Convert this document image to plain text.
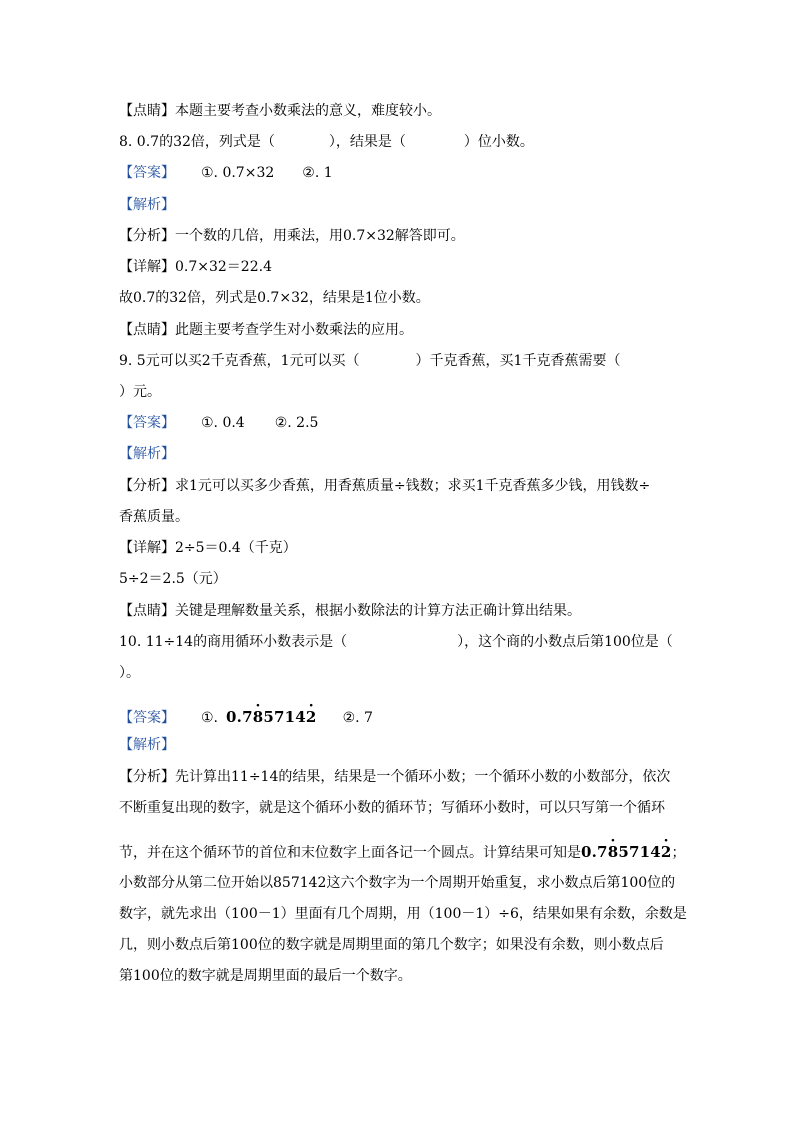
【点睛】本题主要考查小数乘法的意义，难度较小。
8. 0.7的32倍，列式是（	），结果是（	）位小数。
【答案】 ①. 0.7×32 ②. 1
【解析】
【分析】一个数的几倍，用乘法，用0.7×32解答即可。
【详解】0.7×32＝22.4
故0.7的32倍，列式是0.7×32，结果是1位小数。
【点睛】此题主要考查学生对小数乘法的应用。
9. 5元可以买2千克香蕉，1元可以买（	）千克香蕉，买1千克香蕉需要（
）元。
【答案】 ①. 0.4 ②. 2.5
【解析】
【分析】求1元可以买多少香蕉，用香蕉质量÷钱数；求买1千克香蕉多少钱，用钱数÷
香蕉质量。
【详解】2÷5＝0.4（千克）
5÷2＝2.5（元）
【点睛】关键是理解数量关系，根据小数除法的计算方法正确计算出结果。
10. 11÷14的商用循环小数表示是（	），这个商的小数点后第100位是（
）。
【答案】 ①. 0.7· 85714· 2 ②. 7
【解析】
【分析】先计算出11÷14的结果，结果是一个循环小数；一个循环小数的小数部分，依次
不断重复出现的数字，就是这个循环小数的循环节；写循环小数时，可以只写第一个循环
节，并在这个循环节的首位和末位数字上面各记一个圆点。计算结果可知是0.7· 85714· 2；
小数部分从第二位开始以857142这六个数字为一个周期开始重复，求小数点后第100位的
数字，就先求出（100－1）里面有几个周期，用（100－1）÷6，结果如果有余数，余数是
几，则小数点后第100位的数字就是周期里面的第几个数字；如果没有余数，则小数点后
第100位的数字就是周期里面的最后一个数字。
